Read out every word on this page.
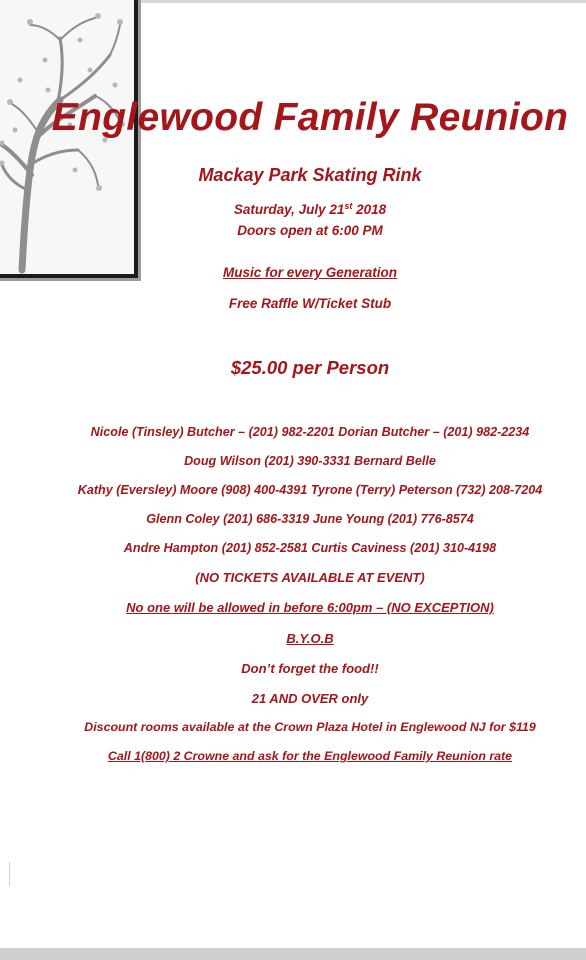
Englewood Family Reunion
Mackay Park Skating Rink
Saturday, July 21st 2018
Doors open at 6:00 PM
Music for every Generation
Free Raffle W/Ticket Stub
$25.00 per Person
Nicole (Tinsley) Butcher – (201) 982-2201 Dorian Butcher – (201) 982-2234
Doug Wilson (201) 390-3331 Bernard Belle
Kathy (Eversley) Moore (908) 400-4391 Tyrone (Terry) Peterson (732) 208-7204
Glenn Coley (201) 686-3319 June Young (201) 776-8574
Andre Hampton (201) 852-2581 Curtis Caviness (201) 310-4198
(NO TICKETS AVAILABLE AT EVENT)
No one will be allowed in before 6:00pm – (NO EXCEPTION)
B.Y.O.B
Don’t forget the food!!
21 AND OVER only
Discount rooms available at the Crown Plaza Hotel in Englewood NJ for $119
Call 1(800) 2 Crowne and ask for the Englewood Family Reunion rate
